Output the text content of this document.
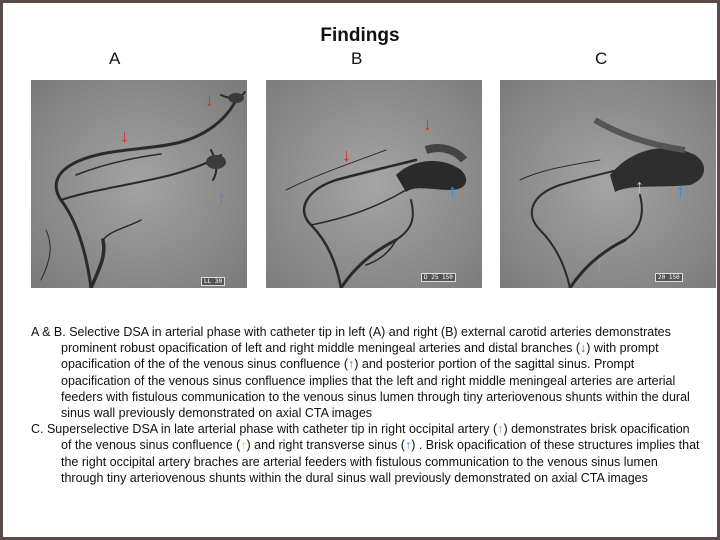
Findings
A	B	C
LL 30
D 25 150	20 150
↓
↓
↑
↓
↓
↑	↑ ↑
↑

A & B. Selective DSA in arterial phase with catheter tip in left (A) and right (B) external carotid arteries demonstrates prominent robust opacification of left and right middle meningeal arteries and distal branches (↓) with prompt opacification of the of the venous sinus confluence (↑) and posterior portion of the sagittal sinus. Prompt opacification of the venous sinus confluence implies that the left and right middle meningeal arteries are arterial feeders with fistulous communication to the venous sinus lumen through tiny arteriovenous shunts within the dural sinus wall previously demonstrated on axial CTA images

C. Superselective DSA in late arterial phase with catheter tip in right occipital artery (↑) demonstrates brisk opacification of the venous sinus confluence (↑) and right transverse sinus (↑) . Brisk opacification of these structures implies that the right occipital artery braches are arterial feeders with fistulous communication to the venous sinus lumen through tiny arteriovenous shunts within the dural sinus wall previously demonstrated on axial CTA images
